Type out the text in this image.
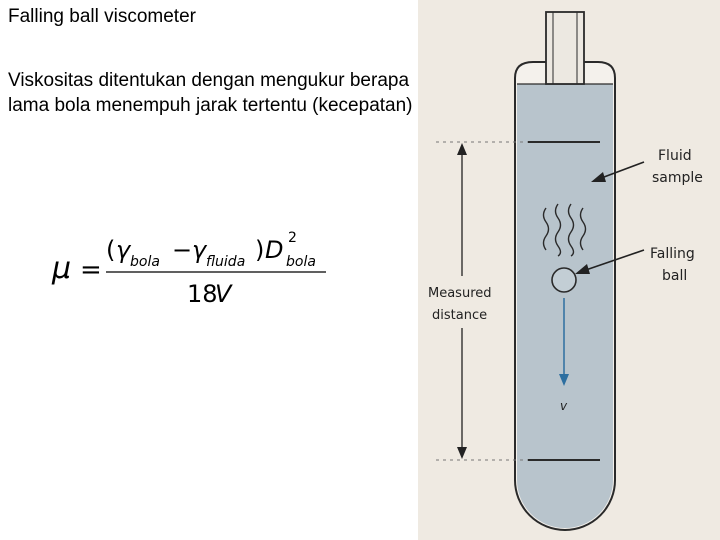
Falling ball viscometer
Viskositas ditentukan dengan mengukur berapa lama bola menempuh jarak tertentu (kecepatan)
μ =
( γ bola − γ fluida ) D 2
bola
18
V	Measured
distance
v
Fluid
sample
Falling
ball
